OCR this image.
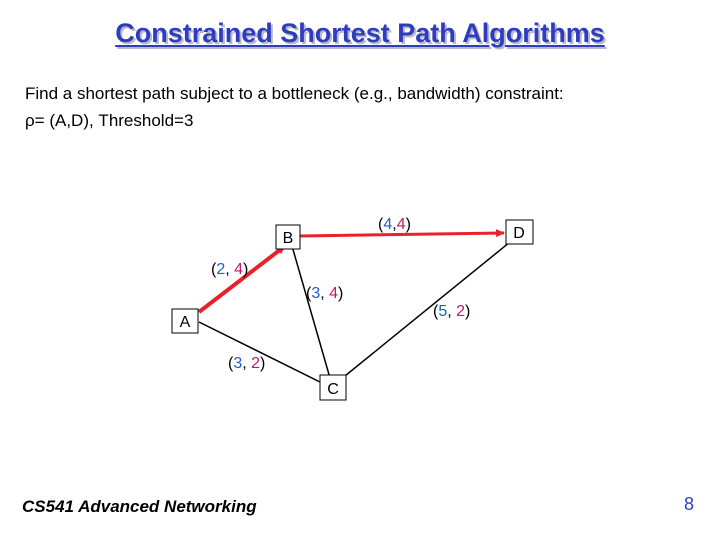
Constrained Shortest Path Algorithms
Find a shortest path subject to a bottleneck (e.g., bandwidth) constraint:
ρ= (A,D), Threshold=3
B	D
A
C
(4,4)
(2, 4)
(3, 4)
(5, 2)
(3, 2)
CS541 Advanced Networking	8
